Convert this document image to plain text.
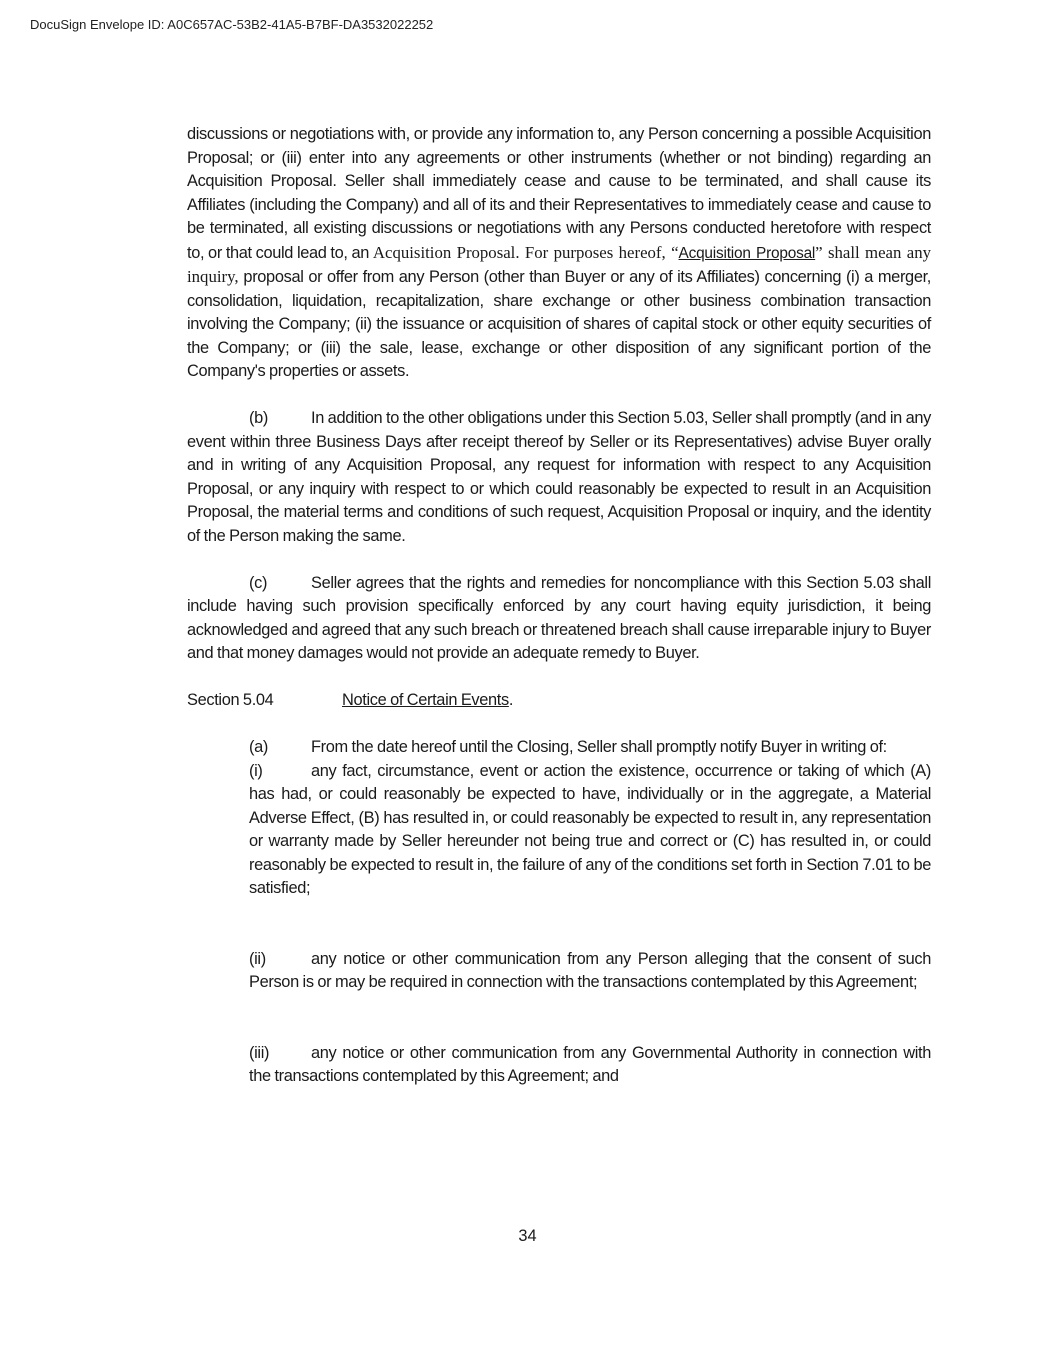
DocuSign Envelope ID: A0C657AC-53B2-41A5-B7BF-DA3532022252

discussions or negotiations with, or provide any information to, any Person concerning a possible Acquisition Proposal; or (iii) enter into any agreements or other instruments (whether or not binding) regarding an Acquisition Proposal. Seller shall immediately cease and cause to be terminated, and shall cause its Affiliates (including the Company) and all of its and their Representatives to immediately cease and cause to be terminated, all existing discussions or negotiations with any Persons conducted heretofore with respect to, or that could lead to, an Acquisition Proposal. For purposes hereof, “Acquisition Proposal” shall mean any inquiry, proposal or offer from any Person (other than Buyer or any of its Affiliates) concerning (i) a merger, consolidation, liquidation, recapitalization, share exchange or other business combination transaction involving the Company; (ii) the issuance or acquisition of shares of capital stock or other equity securities of the Company; or (iii) the sale, lease, exchange or other disposition of any significant portion of the Company's properties or assets.

(b)	In addition to the other obligations under this Section 5.03, Seller shall promptly (and in any event within three Business Days after receipt thereof by Seller or its Representatives) advise Buyer orally and in writing of any Acquisition Proposal, any request for information with respect to any Acquisition Proposal, or any inquiry with respect to or which could reasonably be expected to result in an Acquisition Proposal, the material terms and conditions of such request, Acquisition Proposal or inquiry, and the identity of the Person making the same.

(c)	Seller agrees that the rights and remedies for noncompliance with this Section 5.03 shall include having such provision specifically enforced by any court having equity jurisdiction, it being acknowledged and agreed that any such breach or threatened breach shall cause irreparable injury to Buyer and that money damages would not provide an adequate remedy to Buyer.

Section 5.04	Notice of Certain Events.

(a)	From the date hereof until the Closing, Seller shall promptly notify Buyer in writing of:

(i)	any fact, circumstance, event or action the existence, occurrence or taking of which (A) has had, or could reasonably be expected to have, individually or in the aggregate, a Material Adverse Effect, (B) has resulted in, or could reasonably be expected to result in, any representation or warranty made by Seller hereunder not being true and correct or (C) has resulted in, or could reasonably be expected to result in, the failure of any of the conditions set forth in Section 7.01 to be satisfied;

(ii)	any notice or other communication from any Person alleging that the consent of such Person is or may be required in connection with the transactions contemplated by this Agreement;

(iii)	any notice or other communication from any Governmental Authority in connection with the transactions contemplated by this Agreement; and

34
